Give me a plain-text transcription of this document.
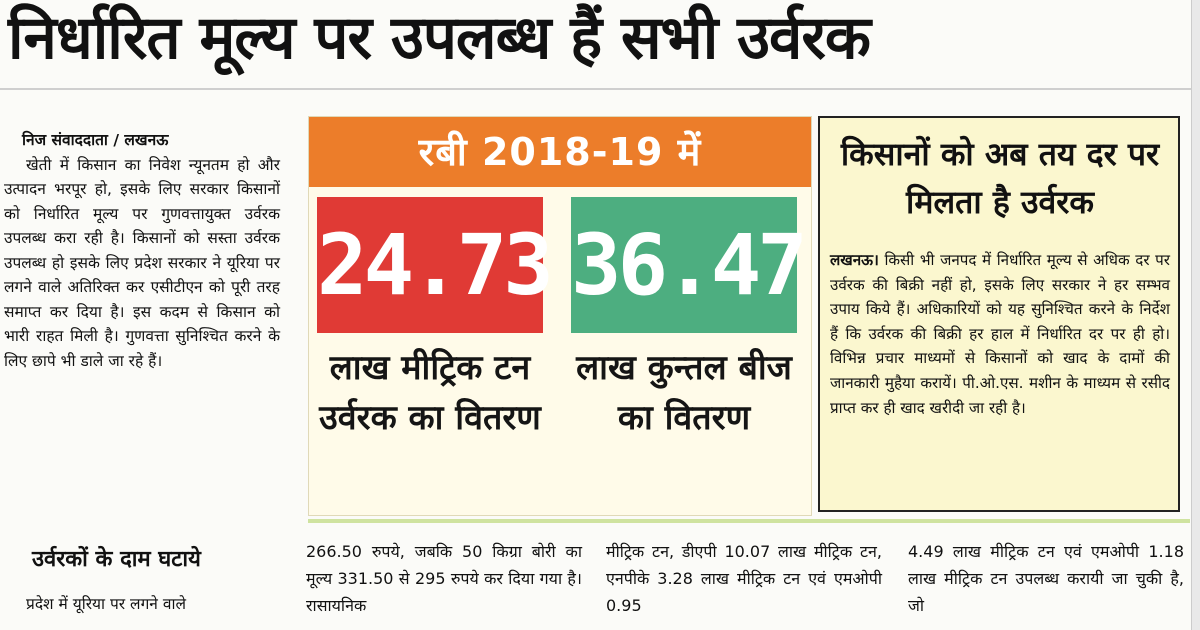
निर्धारित मूल्य पर उपलब्ध हैं सभी उर्वरक
निज संवाददाता / लखनऊ

खेती में किसान का निवेश न्यूनतम हो और उत्पादन भरपूर हो, इसके लिए सरकार किसानों को निर्धारित मूल्य पर गुणवत्तायुक्त उर्वरक उपलब्ध करा रही है। किसानों को सस्ता उर्वरक उपलब्ध हो इसके लिए प्रदेश सरकार ने यूरिया पर लगने वाले अतिरिक्त कर एसीटीएन को पूरी तरह समाप्त कर दिया है। इस कदम से किसान को भारी राहत मिली है। गुणवत्ता सुनिश्चित करने के लिए छापे भी डाले जा रहे हैं।

उर्वरकों के दाम घटाये
प्रदेश में यूरिया पर लगने वाले
रबी 2018-19 में
24.73 36.47
लाख मीट्रिक टन उर्वरक का वितरण
लाख कुन्तल बीज का वितरण
किसानों को अब तय दर पर मिलता है उर्वरक
लखनऊ। किसी भी जनपद में निर्धारित मूल्य से अधिक दर पर उर्वरक की बिक्री नहीं हो, इसके लिए सरकार ने हर सम्भव उपाय किये हैं। अधिकारियों को यह सुनिश्चित करने के निर्देश हैं कि उर्वरक की बिक्री हर हाल में निर्धारित दर पर ही हो। विभिन्न प्रचार माध्यमों से किसानों को खाद के दामों की जानकारी मुहैया करायें। पी.ओ.एस. मशीन के माध्यम से रसीद प्राप्त कर ही खाद खरीदी जा रही है।
266.50 रुपये, जबकि 50 किग्रा बोरी का मूल्य 331.50 से 295 रुपये कर दिया गया है। रासायनिक
मीट्रिक टन, डीएपी 10.07 लाख मीट्रिक टन, एनपीके 3.28 लाख मीट्रिक टन एवं एमओपी 0.95
4.49 लाख मीट्रिक टन एवं एमओपी 1.18 लाख मीट्रिक टन उपलब्ध करायी जा चुकी है, जो
